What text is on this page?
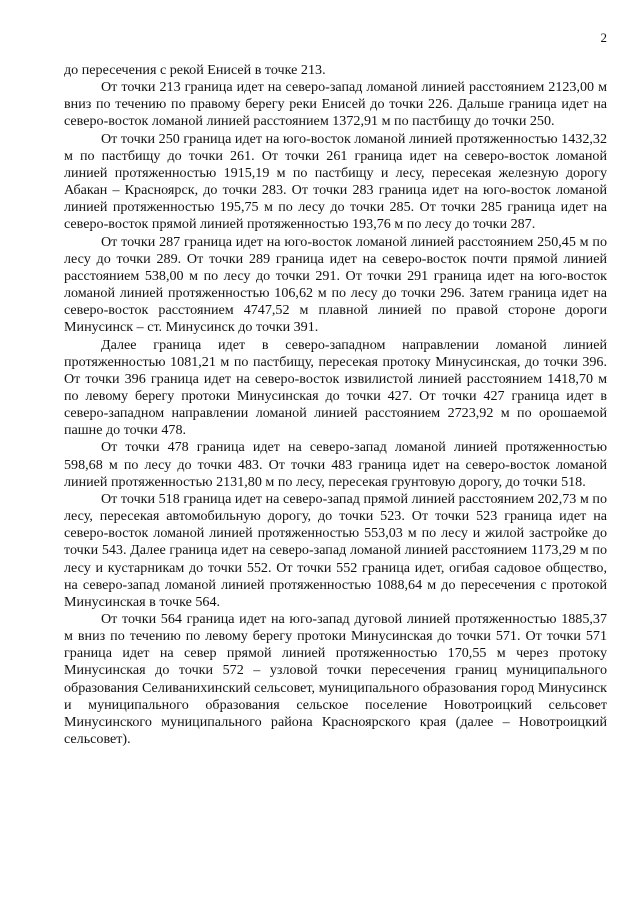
2

до пересечения с рекой Енисей в точке 213.

От точки 213 граница идет на северо-запад ломаной линией расстоянием 2123,00 м вниз по течению по правому берегу реки Енисей до точки 226. Дальше граница идет на северо-восток ломаной линией расстоянием 1372,91 м по пастбищу до точки 250.

От точки 250 граница идет на юго-восток ломаной линией протяженностью 1432,32 м по пастбищу до точки 261. От точки 261 граница идет на северо-восток ломаной линией протяженностью 1915,19 м по пастбищу и лесу, пересекая железную дорогу Абакан – Красноярск, до точки 283. От точки 283 граница идет на юго-восток ломаной линией протяженностью 195,75 м по лесу до точки 285. От точки 285 граница идет на северо-восток прямой линией протяженностью 193,76 м по лесу до точки 287.

От точки 287 граница идет на юго-восток ломаной линией расстоянием 250,45 м по лесу до точки 289. От точки 289 граница идет на северо-восток почти прямой линией расстоянием 538,00 м по лесу до точки 291. От точки 291 граница идет на юго-восток ломаной линией протяженностью 106,62 м по лесу до точки 296. Затем граница идет на северо-восток расстоянием 4747,52 м плавной линией по правой стороне дороги Минусинск – ст. Минусинск до точки 391.

Далее граница идет в северо-западном направлении ломаной линией протяженностью 1081,21 м по пастбищу, пересекая протоку Минусинская, до точки 396. От точки 396 граница идет на северо-восток извилистой линией расстоянием 1418,70 м по левому берегу протоки Минусинская до точки 427. От точки 427 граница идет в северо-западном направлении ломаной линией расстоянием 2723,92 м по орошаемой пашне до точки 478.

От точки 478 граница идет на северо-запад ломаной линией протяженностью 598,68 м по лесу до точки 483. От точки 483 граница идет на северо-восток ломаной линией протяженностью 2131,80 м по лесу, пересекая грунтовую дорогу, до точки 518.

От точки 518 граница идет на северо-запад прямой линией расстоянием 202,73 м по лесу, пересекая автомобильную дорогу, до точки 523. От точки 523 граница идет на северо-восток ломаной линией протяженностью 553,03 м по лесу и жилой застройке до точки 543. Далее граница идет на северо-запад ломаной линией расстоянием 1173,29 м по лесу и кустарникам до точки 552. От точки 552 граница идет, огибая садовое общество, на северо-запад ломаной линией протяженностью 1088,64 м до пересечения с протокой Минусинская в точке 564.

От точки 564 граница идет на юго-запад дуговой линией протяженностью 1885,37 м вниз по течению по левому берегу протоки Минусинская до точки 571. От точки 571 граница идет на север прямой линией протяженностью 170,55 м через протоку Минусинская до точки 572 – узловой точки пересечения границ муниципального образования Селиванихинский сельсовет, муниципального образования город Минусинск и муниципального образования сельское поселение Новотроицкий сельсовет Минусинского муниципального района Красноярского края (далее – Новотроицкий сельсовет).
